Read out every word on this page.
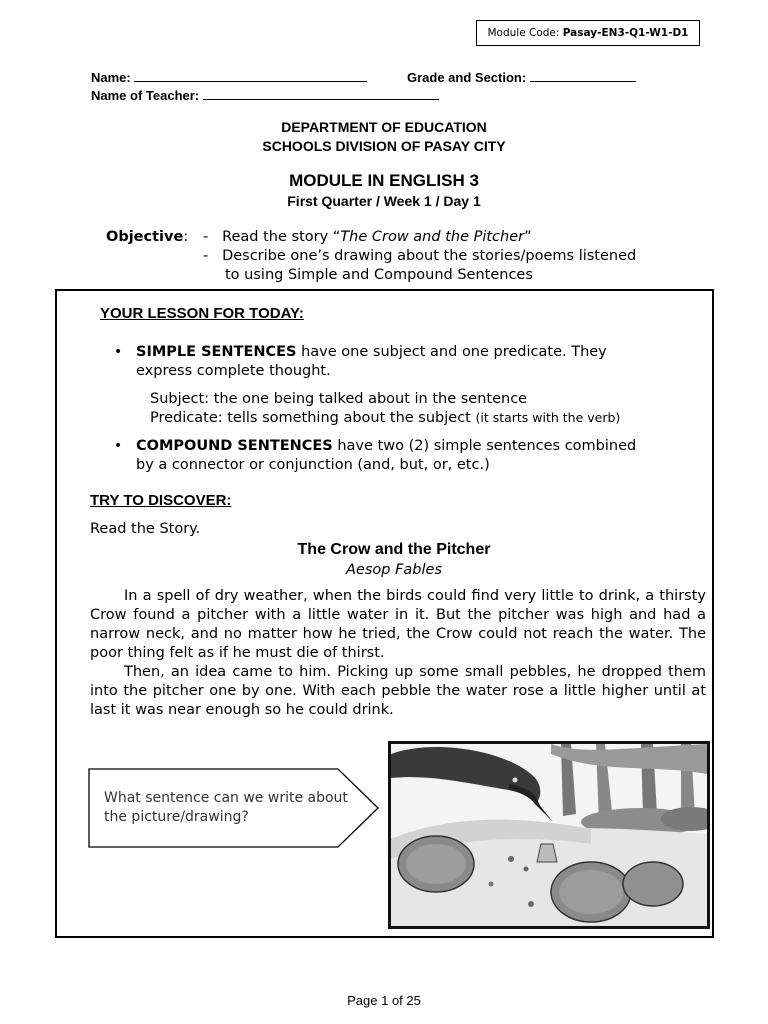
Module Code: Pasay-EN3-Q1-W1-D1
Name:	Grade and Section:
Name of Teacher:
DEPARTMENT OF EDUCATION
SCHOOLS DIVISION OF PASAY CITY
MODULE IN ENGLISH 3
First Quarter / Week 1 / Day 1
Objective: - Read the story “The Crow and the Pitcher”
- Describe one’s drawing about the stories/poems listened
to using Simple and Compound Sentences
YOUR LESSON FOR TODAY:
• SIMPLE SENTENCES have one subject and one predicate. They
express complete thought.
Subject: the one being talked about in the sentence
Predicate: tells something about the subject (it starts with the verb)
• COMPOUND SENTENCES have two (2) simple sentences combined
by a connector or conjunction (and, but, or, etc.)
TRY TO DISCOVER:
Read the Story.
The Crow and the Pitcher
Aesop Fables

In a spell of dry weather, when the birds could find very little to drink, a thirsty Crow found a pitcher with a little water in it. But the pitcher was high and had a narrow neck, and no matter how he tried, the Crow could not reach the water. The poor thing felt as if he must die of thirst.

Then, an idea came to him. Picking up some small pebbles, he dropped them into the pitcher one by one. With each pebble the water rose a little higher until at last it was near enough so he could drink.

What sentence can we write about the picture/drawing?
Page 1 of 25
